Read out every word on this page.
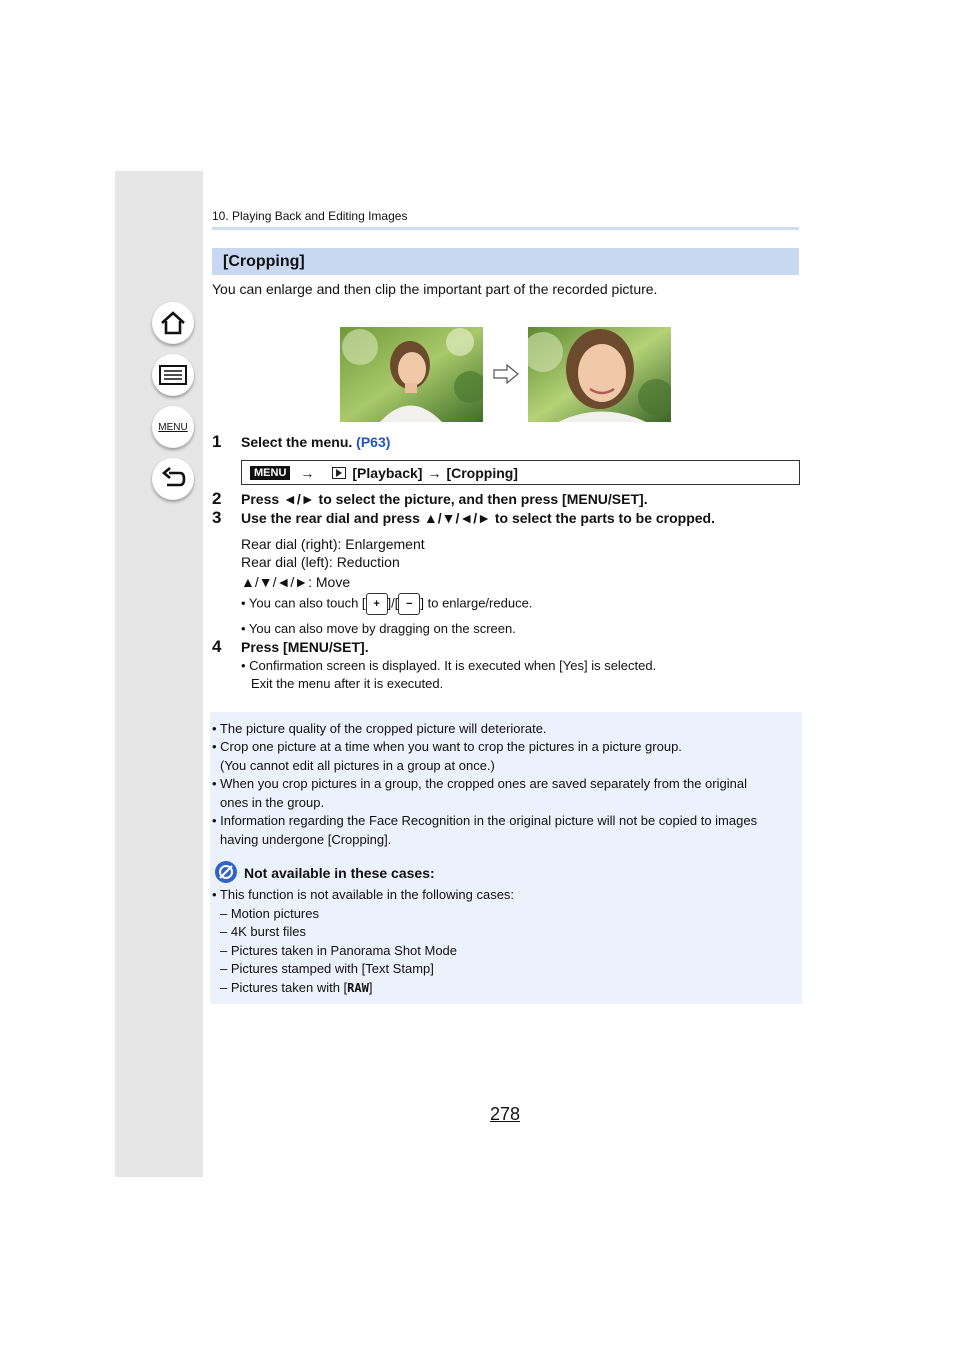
MENU
10. Playing Back and Editing Images
[Cropping]
You can enlarge and then clip the important part of the recorded picture.
1 Select the menu. (P63)
MENU →	[Playback] → [Cropping]
2 Press ◄/► to select the picture, and then press [MENU/SET].
3 Use the rear dial and press ▲/▼/◄/► to select the parts to be cropped.
Rear dial (right): Enlargement
Rear dial (left): Reduction
▲/▼/◄/►: Move
• You can also touch [ + ]/[ − ] to enlarge/reduce.
• You can also move by dragging on the screen.
4 Press [MENU/SET].
• Confirmation screen is displayed. It is executed when [Yes] is selected.
Exit the menu after it is executed.
• The picture quality of the cropped picture will deteriorate.
• Crop one picture at a time when you want to crop the pictures in a picture group.
(You cannot edit all pictures in a group at once.)
• When you crop pictures in a group, the cropped ones are saved separately from the original
ones in the group.
• Information regarding the Face Recognition in the original picture will not be copied to images
having undergone [Cropping].
Not available in these cases:
• This function is not available in the following cases:
– Motion pictures
– 4K burst files
– Pictures taken in Panorama Shot Mode
– Pictures stamped with [Text Stamp]
– Pictures taken with [RAW]
278
